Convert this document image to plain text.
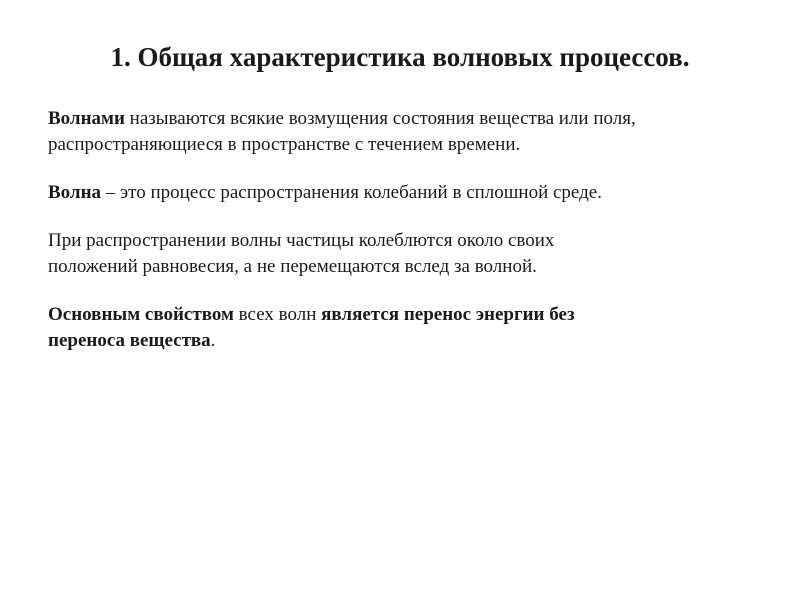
1. Общая характеристика волновых процессов.

Волнами называются всякие возмущения состояния вещества или поля,
распространяющиеся в пространстве с течением времени.

Волна – это процесс распространения колебаний в сплошной среде.

При распространении волны частицы колеблются около своих
положений равновесия, а не перемещаются вслед за волной.

Основным свойством всех волн является перенос энергии без
переноса вещества.
